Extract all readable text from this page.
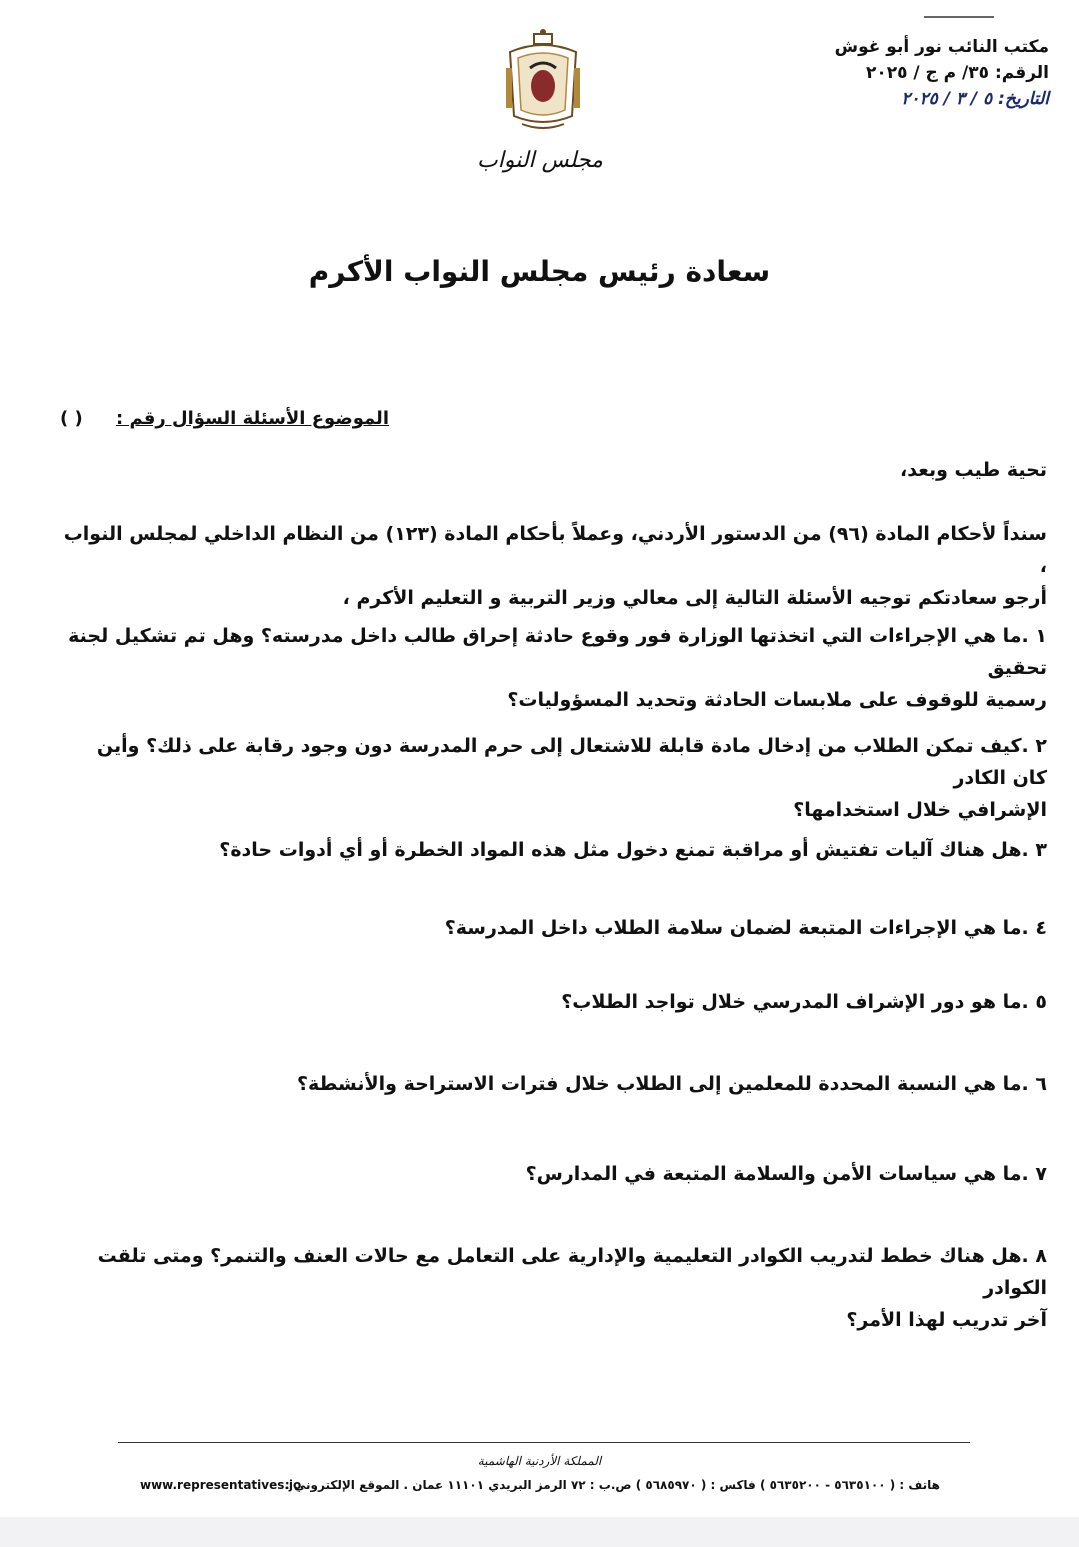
مكتب النائب نور أبو غوش
الرقم: ٣٥/ م ج / ٢٠٢٥
التاريخ: ٥ / ٣ / ٢٠٢٥
مجلس النواب
سعادة رئيس مجلس النواب الأكرم
الموضوع الأسئلة السؤال رقم :
( )
تحية طيب وبعد،
سنداً لأحكام المادة (٩٦) من الدستور الأردني، وعملاً بأحكام المادة (١٢٣) من النظام الداخلي لمجلس النواب ،
أرجو سعادتكم توجيه الأسئلة التالية إلى معالي وزير التربية و التعليم الأكرم ،

١ .ما هي الإجراءات التي اتخذتها الوزارة فور وقوع حادثة إحراق طالب داخل مدرسته؟ وهل تم تشكيل لجنة تحقيق

رسمية للوقوف على ملابسات الحادثة وتحديد المسؤوليات؟

٢ .كيف تمكن الطلاب من إدخال مادة قابلة للاشتعال إلى حرم المدرسة دون وجود رقابة على ذلك؟ وأين كان الكادر

الإشرافي خلال استخدامها؟

٣ .هل هناك آليات تفتيش أو مراقبة تمنع دخول مثل هذه المواد الخطرة أو أي أدوات حادة؟

٤ .ما هي الإجراءات المتبعة لضمان سلامة الطلاب داخل المدرسة؟

٥ .ما هو دور الإشراف المدرسي خلال تواجد الطلاب؟

٦ .ما هي النسبة المحددة للمعلمين إلى الطلاب خلال فترات الاستراحة والأنشطة؟

٧ .ما هي سياسات الأمن والسلامة المتبعة في المدارس؟

٨ .هل هناك خطط لتدريب الكوادر التعليمية والإدارية على التعامل مع حالات العنف والتنمر؟ ومتى تلقت الكوادر

آخر تدريب لهذا الأمر؟

المملكة الأردنية الهاشمية
www.representatives.jo
هاتف : ( ٥٦٣٥١٠٠ - ٥٦٣٥٢٠٠ ) فاكس : ( ٥٦٨٥٩٧٠ ) ص.ب : ٧٢ الرمز البريدي ١١١٠١ عمان . الموقع الإلكتروني :
